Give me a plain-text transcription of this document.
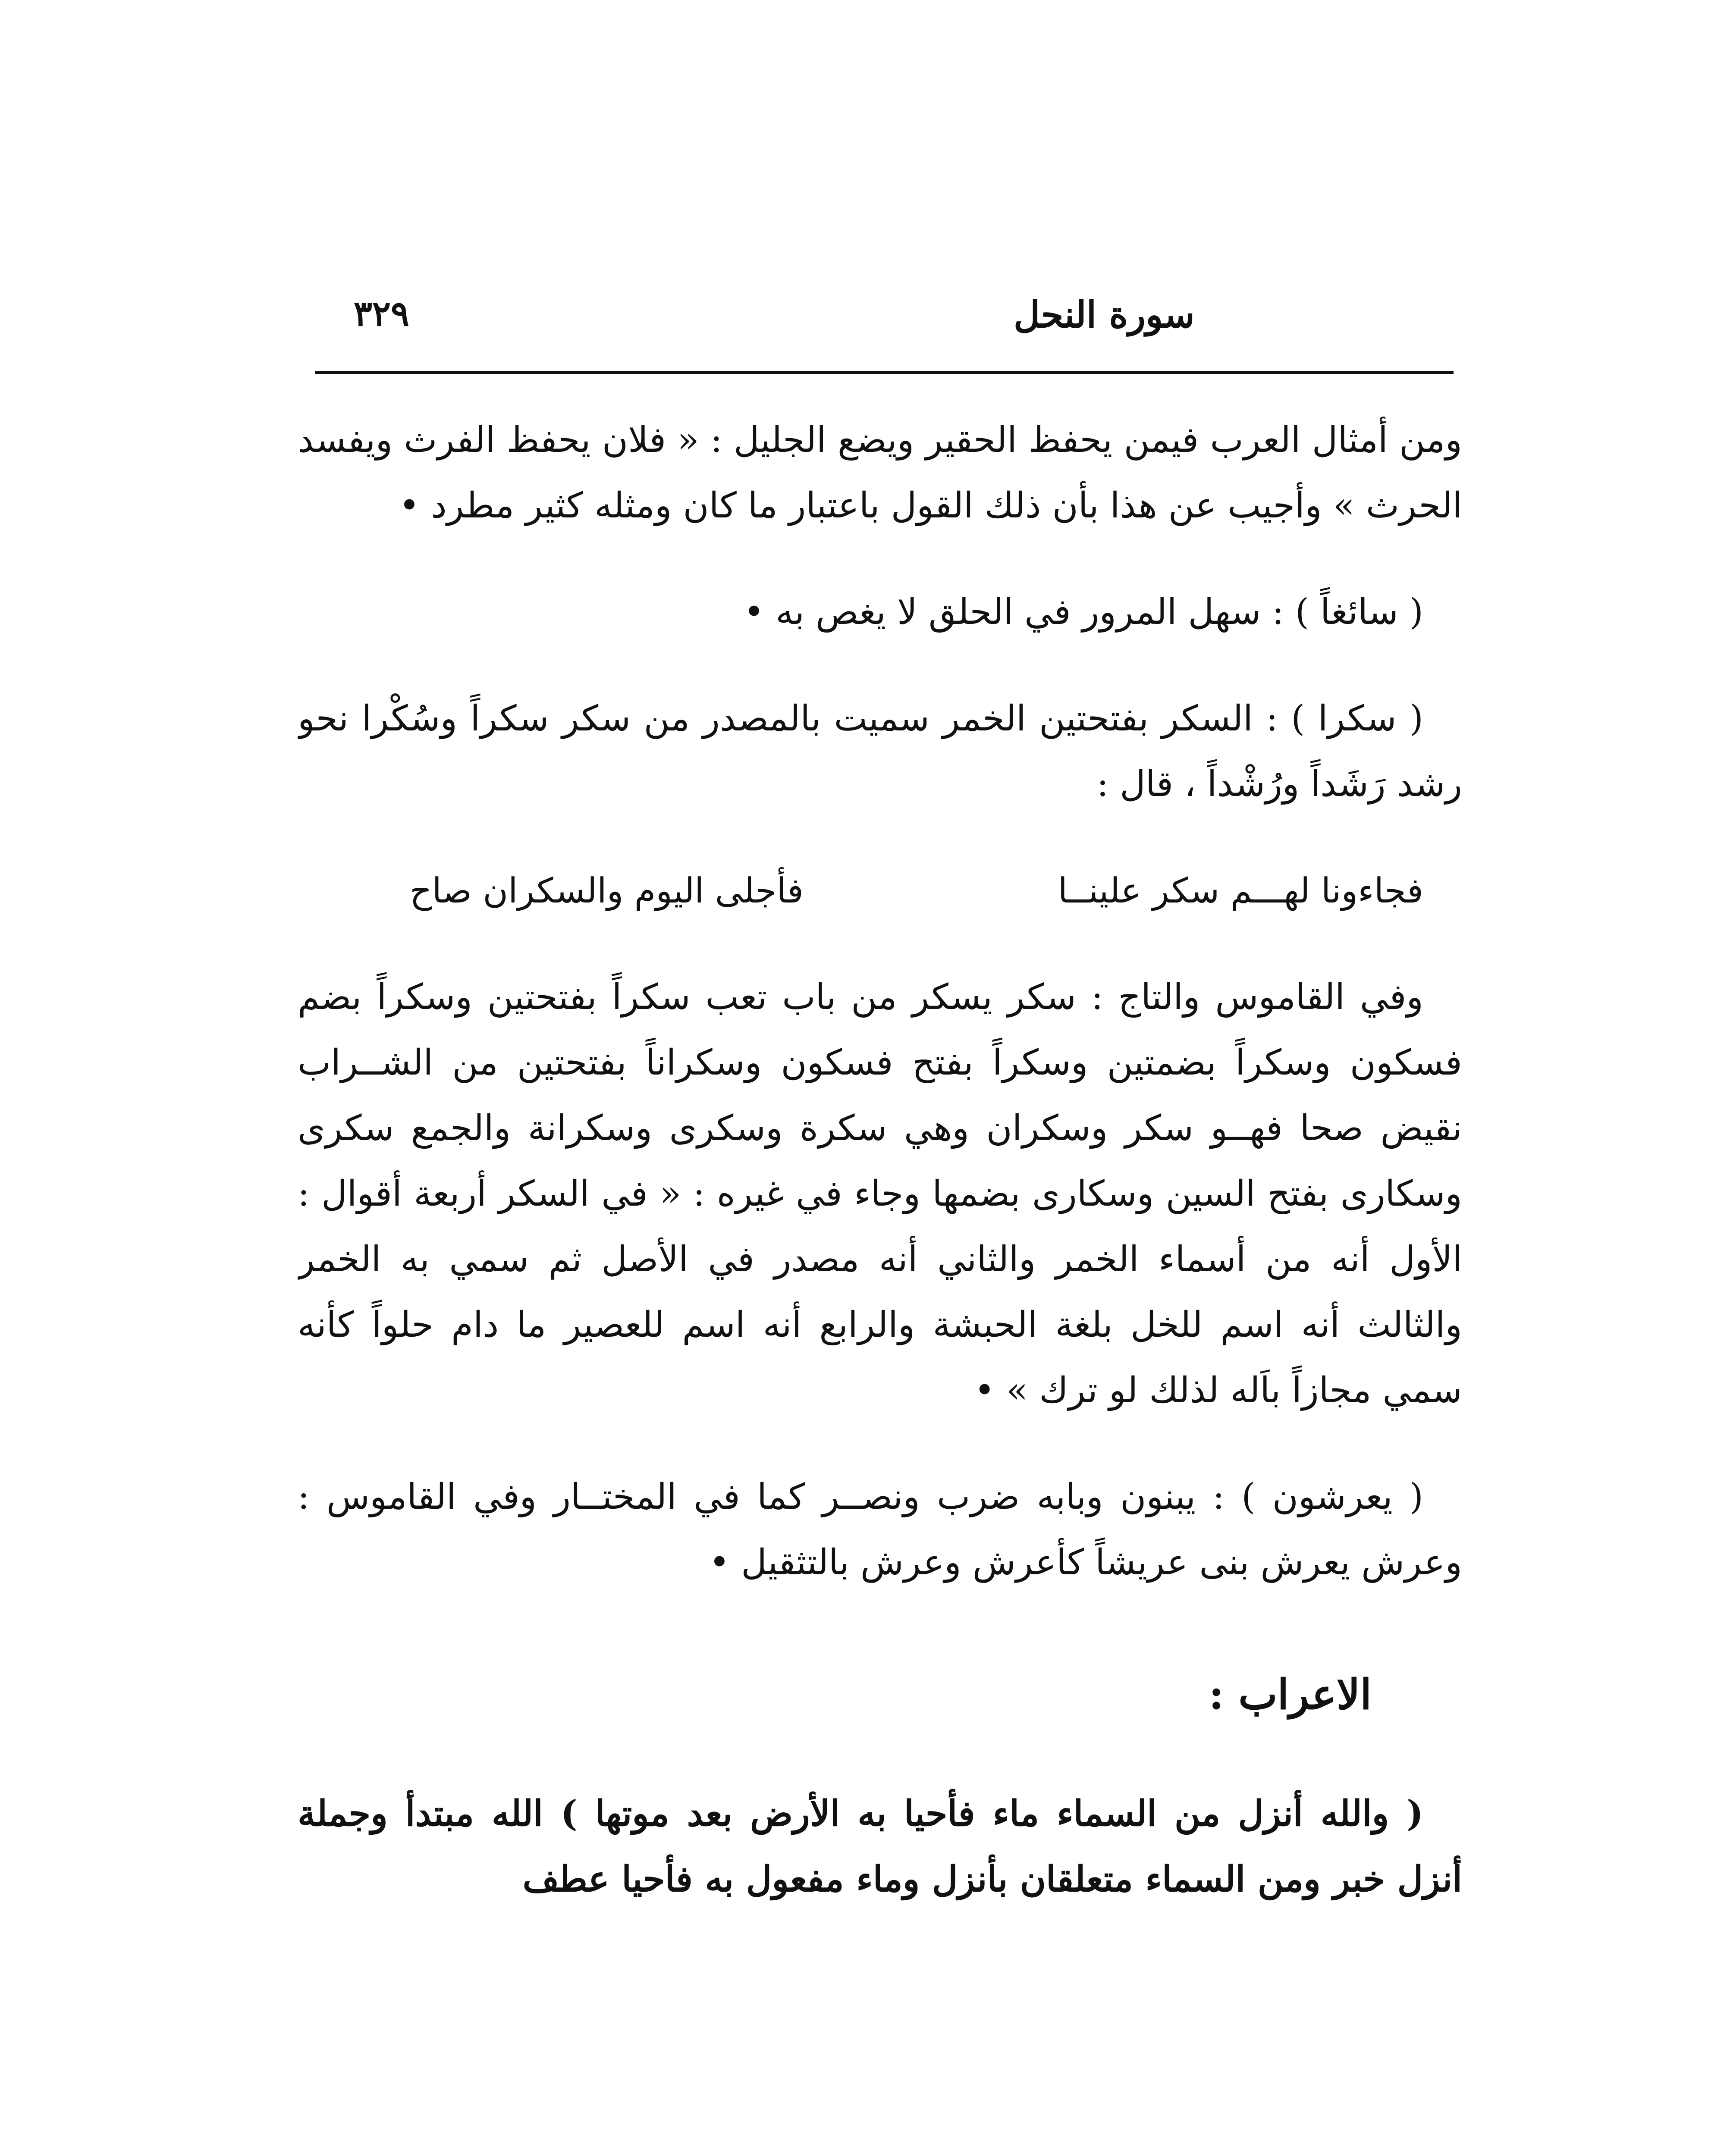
٣٢٩	سورة النحل

ومن أمثال العرب فيمن يحفظ الحقير ويضع الجليل : « فلان يحفظ الفرث ويفسد الحرث » وأجيب عن هذا بأن ذلك القول باعتبار ما كان ومثله كثير مطرد •

( سائغاً ) : سهل المرور في الحلق لا يغص به •

( سكرا ) : السكر بفتحتين الخمر سميت بالمصدر من سكر سكراً وسُكْرا نحو رشد رَشَداً ورُشْداً ، قال :

فجاءونا لهـــم سكر علينــا
فأجلى اليوم والسكران صاح

وفي القاموس والتاج : سكر يسكر من باب تعب سكراً بفتحتين وسكراً بضم فسكون وسكراً بضمتين وسكراً بفتح فسكون وسكراناً بفتحتين من الشــراب نقيض صحا فهــو سكر وسكران وهي سكرة وسكرى وسكرانة والجمع سكرى وسكارى بفتح السين وسكارى بضمها وجاء في غيره : « في السكر أربعة أقوال : الأول أنه من أسماء الخمر والثاني أنه مصدر في الأصل ثم سمي به الخمر والثالث أنه اسم للخل بلغة الحبشة والرابع أنه اسم للعصير ما دام حلواً كأنه سمي مجازاً باَله لذلك لو ترك » •

( يعرشون ) : يبنون وبابه ضرب ونصــر كما في المختــار وفي القاموس : وعرش يعرش بنى عريشاً كأعرش وعرش بالتثقيل •

الاعراب :

( والله أنزل من السماء ماء فأحيا به الأرض بعد موتها ) الله مبتدأ وجملة أنزل خبر ومن السماء متعلقان بأنزل وماء مفعول به فأحيا عطف
